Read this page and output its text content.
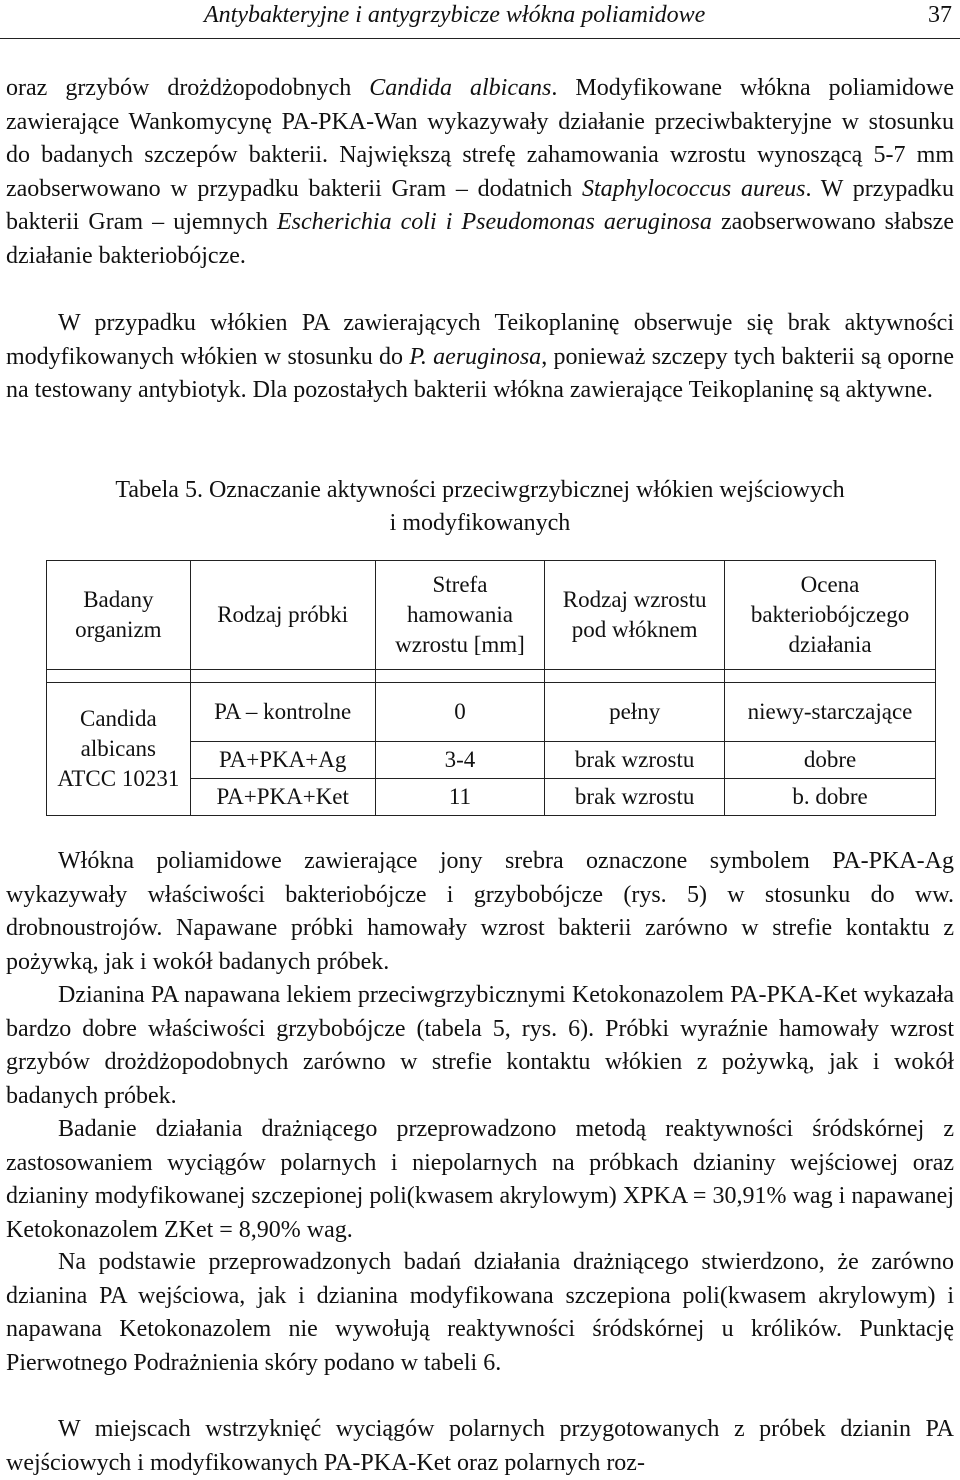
Antybakteryjne i antygrzybicze włókna poliamidowe	37

oraz grzybów drożdżopodobnych Candida albicans. Modyfikowane włókna poliamidowe zawierające Wankomycynę PA-PKA-Wan wykazywały działanie przeciwbakteryjne w stosunku do badanych szczepów bakterii. Największą strefę zahamowania wzrostu wynoszącą 5-7 mm zaobserwowano w przypadku bakterii Gram – dodatnich Staphylococcus aureus. W przypadku bakterii Gram – ujemnych Escherichia coli i Pseudomonas aeruginosa zaobserwowano słabsze działanie bakteriobójcze.

W przypadku włókien PA zawierających Teikoplaninę obserwuje się brak aktywności modyfikowanych włókien w stosunku do P. aeruginosa, ponieważ szczepy tych bakterii są oporne na testowany antybiotyk. Dla pozostałych bakterii włókna zawierające Teikoplaninę są aktywne.

Tabela 5. Oznaczanie aktywności przeciwgrzybicznej włókien wejściowych

i modyfikowanych

Badany organizm	Rodzaj próbki	Strefa hamowania wzrostu [mm]	Rodzaj wzrostu pod włóknem	Ocena bakteriobójczego działania

Candida albicans ATCC 10231	PA – kontrolne	0	pełny	niewy-starczające
	PA+PKA+Ag	3-4	brak wzrostu	dobre
	PA+PKA+Ket	11	brak wzrostu	b. dobre

Włókna poliamidowe zawierające jony srebra oznaczone symbolem PA-PKA-Ag wykazywały właściwości bakteriobójcze i grzybobójcze (rys. 5) w stosunku do ww. drobnoustrojów. Napawane próbki hamowały wzrost bakterii zarówno w strefie kontaktu z pożywką, jak i wokół badanych próbek.

Dzianina PA napawana lekiem przeciwgrzybicznymi Ketokonazolem PA-PKA-Ket wykazała bardzo dobre właściwości grzybobójcze (tabela 5, rys. 6). Próbki wyraźnie hamowały wzrost grzybów drożdżopodobnych zarówno w strefie kontaktu włókien z pożywką, jak i wokół badanych próbek.

Badanie działania drażniącego przeprowadzono metodą reaktywności śródskórnej z zastosowaniem wyciągów polarnych i niepolarnych na próbkach dzianiny wejściowej oraz dzianiny modyfikowanej szczepionej poli(kwasem akrylowym) XPKA = 30,91% wag i napawanej Ketokonazolem ZKet = 8,90% wag.

Na podstawie przeprowadzonych badań działania drażniącego stwierdzono, że zarówno dzianina PA wejściowa, jak i dzianina modyfikowana szczepiona poli(kwasem akrylowym) i napawana Ketokonazolem nie wywołują reaktywności śródskórnej u królików. Punktację Pierwotnego Podrażnienia skóry podano w tabeli 6.

W miejscach wstrzyknięć wyciągów polarnych przygotowanych z próbek dzianin PA wejściowych i modyfikowanych PA-PKA-Ket oraz polarnych roz-
